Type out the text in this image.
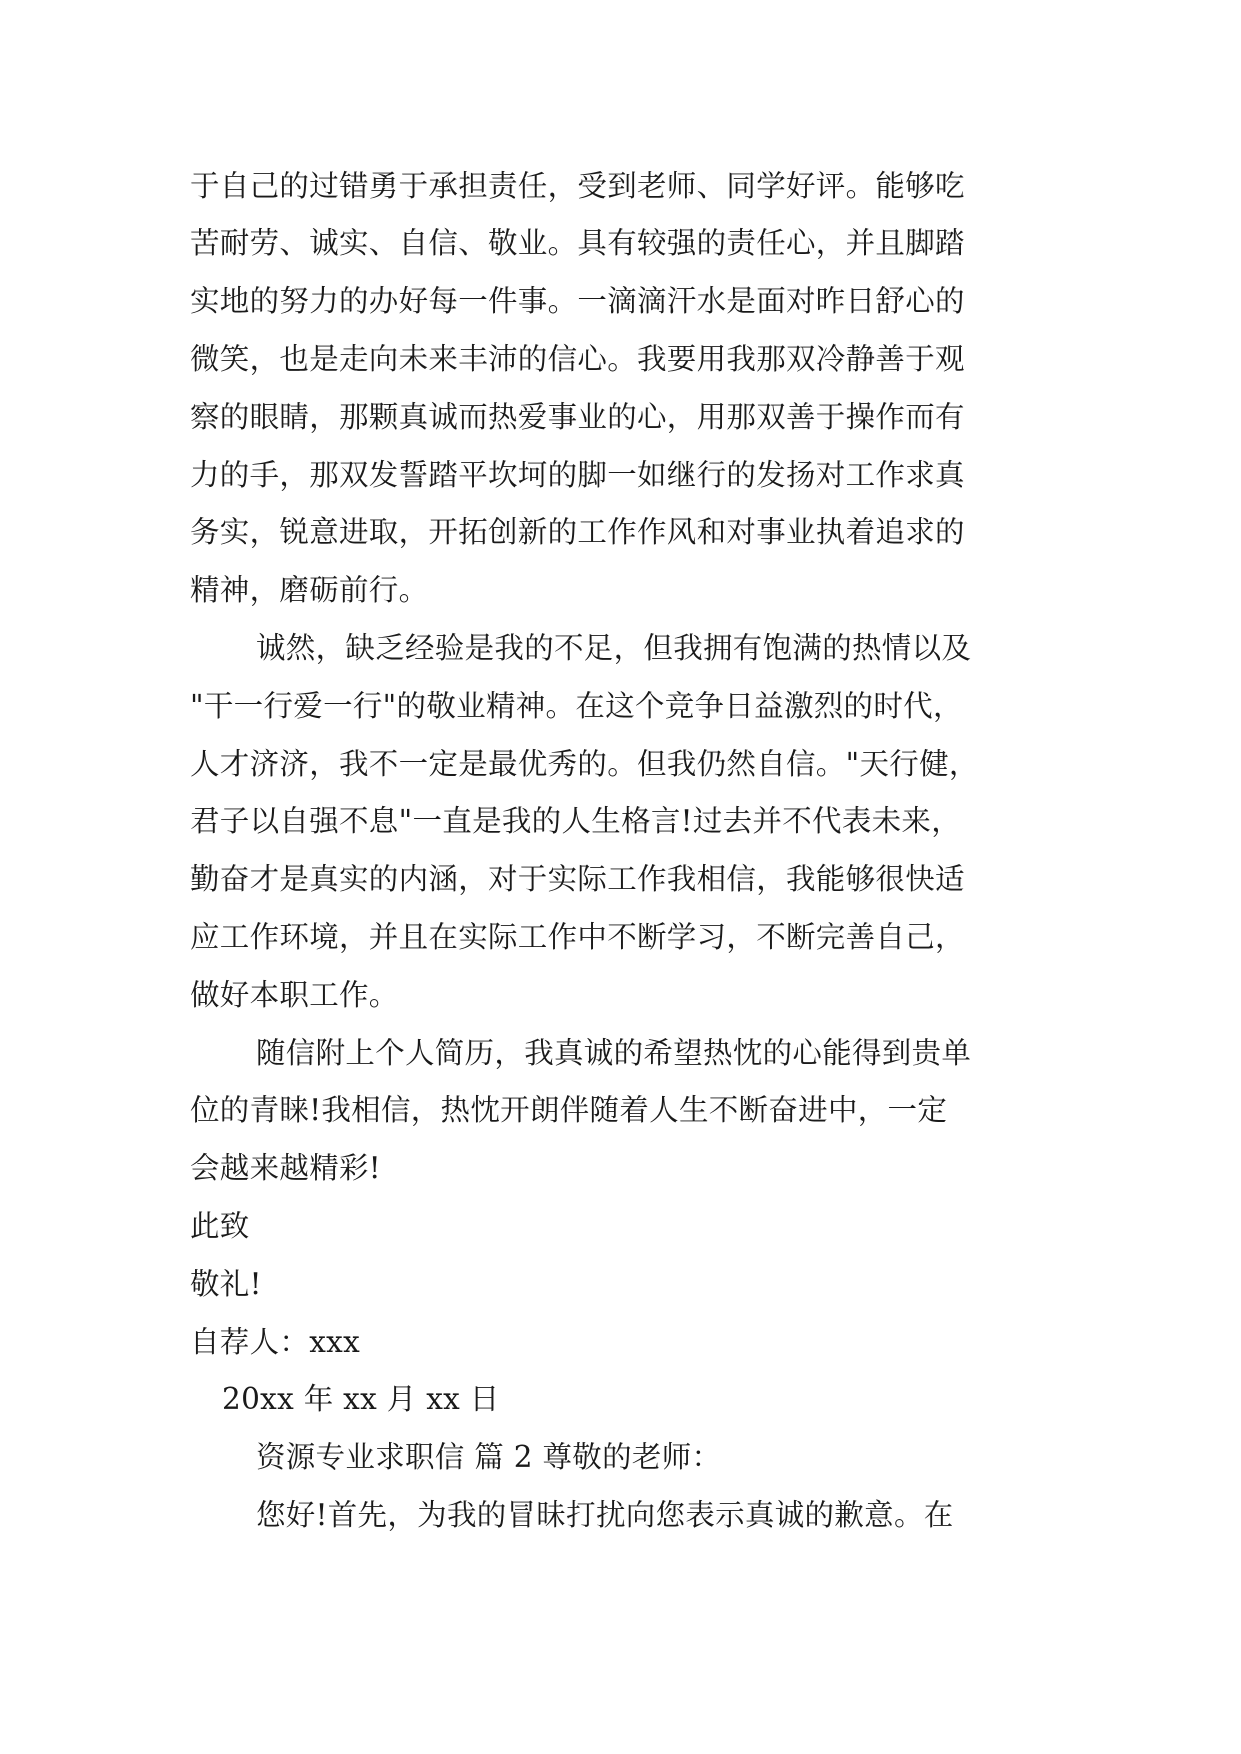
于自己的过错勇于承担责任，受到老师、同学好评。能够吃
苦耐劳、诚实、自信、敬业。具有较强的责任心，并且脚踏
实地的努力的办好每一件事。一滴滴汗水是面对昨日舒心的
微笑，也是走向未来丰沛的信心。我要用我那双冷静善于观
察的眼睛，那颗真诚而热爱事业的心，用那双善于操作而有
力的手，那双发誓踏平坎坷的脚一如继行的发扬对工作求真
务实，锐意进取，开拓创新的工作作风和对事业执着追求的
精神，磨砺前行。
诚然，缺乏经验是我的不足，但我拥有饱满的热情以及
"干一行爱一行"的敬业精神。在这个竞争日益激烈的时代，
人才济济，我不一定是最优秀的。但我仍然自信。"天行健，
君子以自强不息"一直是我的人生格言!过去并不代表未来，
勤奋才是真实的内涵，对于实际工作我相信，我能够很快适
应工作环境，并且在实际工作中不断学习，不断完善自己，
做好本职工作。
随信附上个人简历，我真诚的希望热忱的心能得到贵单
位的青睐!我相信，热忱开朗伴随着人生不断奋进中，一定
会越来越精彩!
此致
敬礼!
自荐人：xxx
20xx 年 xx 月 xx 日
资源专业求职信 篇 2 尊敬的老师：
您好!首先，为我的冒昧打扰向您表示真诚的歉意。在
